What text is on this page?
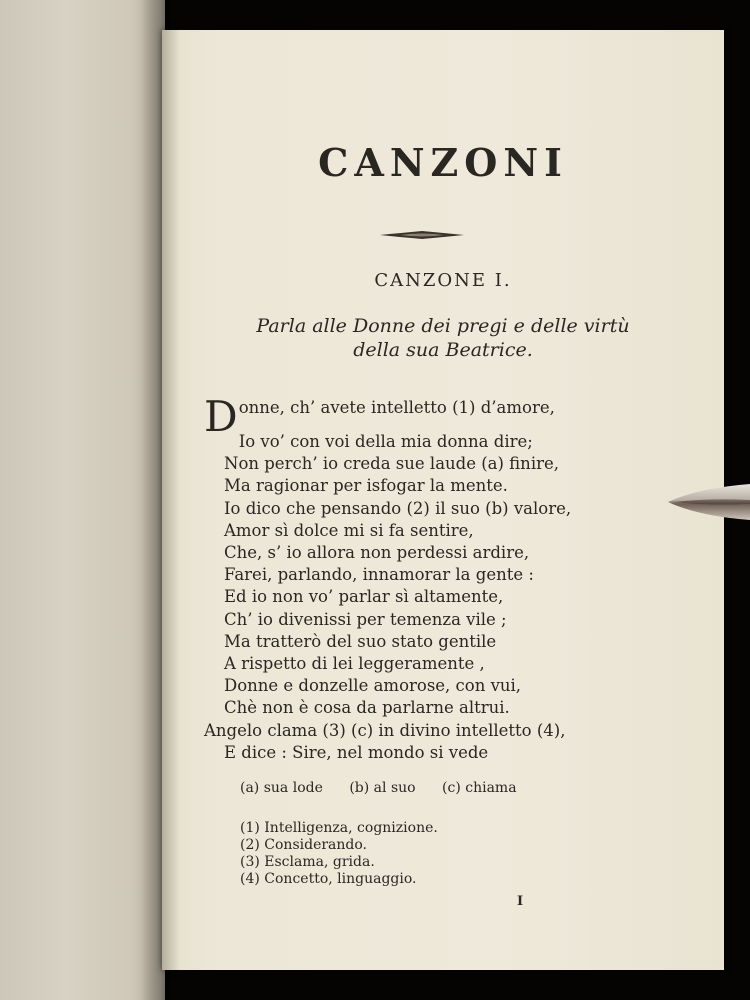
CANZONI
CANZONE I.
Parla alle Donne dei pregi e delle virtù
della sua Beatrice.
Donne, ch’ avete intelletto (1) d’amore,
Io vo’ con voi della mia donna dire;
Non perch’ io creda sue laude (a) finire,
Ma ragionar per isfogar la mente.
Io dico che pensando (2) il suo (b) valore,
Amor sì dolce mi si fa sentire,
Che, s’ io allora non perdessi ardire,
Farei, parlando, innamorar la gente :
Ed io non vo’ parlar sì altamente,
Ch’ io divenissi per temenza vile ;
Ma tratterò del suo stato gentile
A rispetto di lei leggeramente ,
Donne e donzelle amorose, con vui,
Chè non è cosa da parlarne altrui.
Angelo clama (3) (c) in divino intelletto (4),
E dice : Sire, nel mondo si vede
(a) sua lode (b) al suo (c) chiama
(1) Intelligenza, cognizione.
(2) Considerando.
(3) Esclama, grida.
(4) Concetto, linguaggio.
I
